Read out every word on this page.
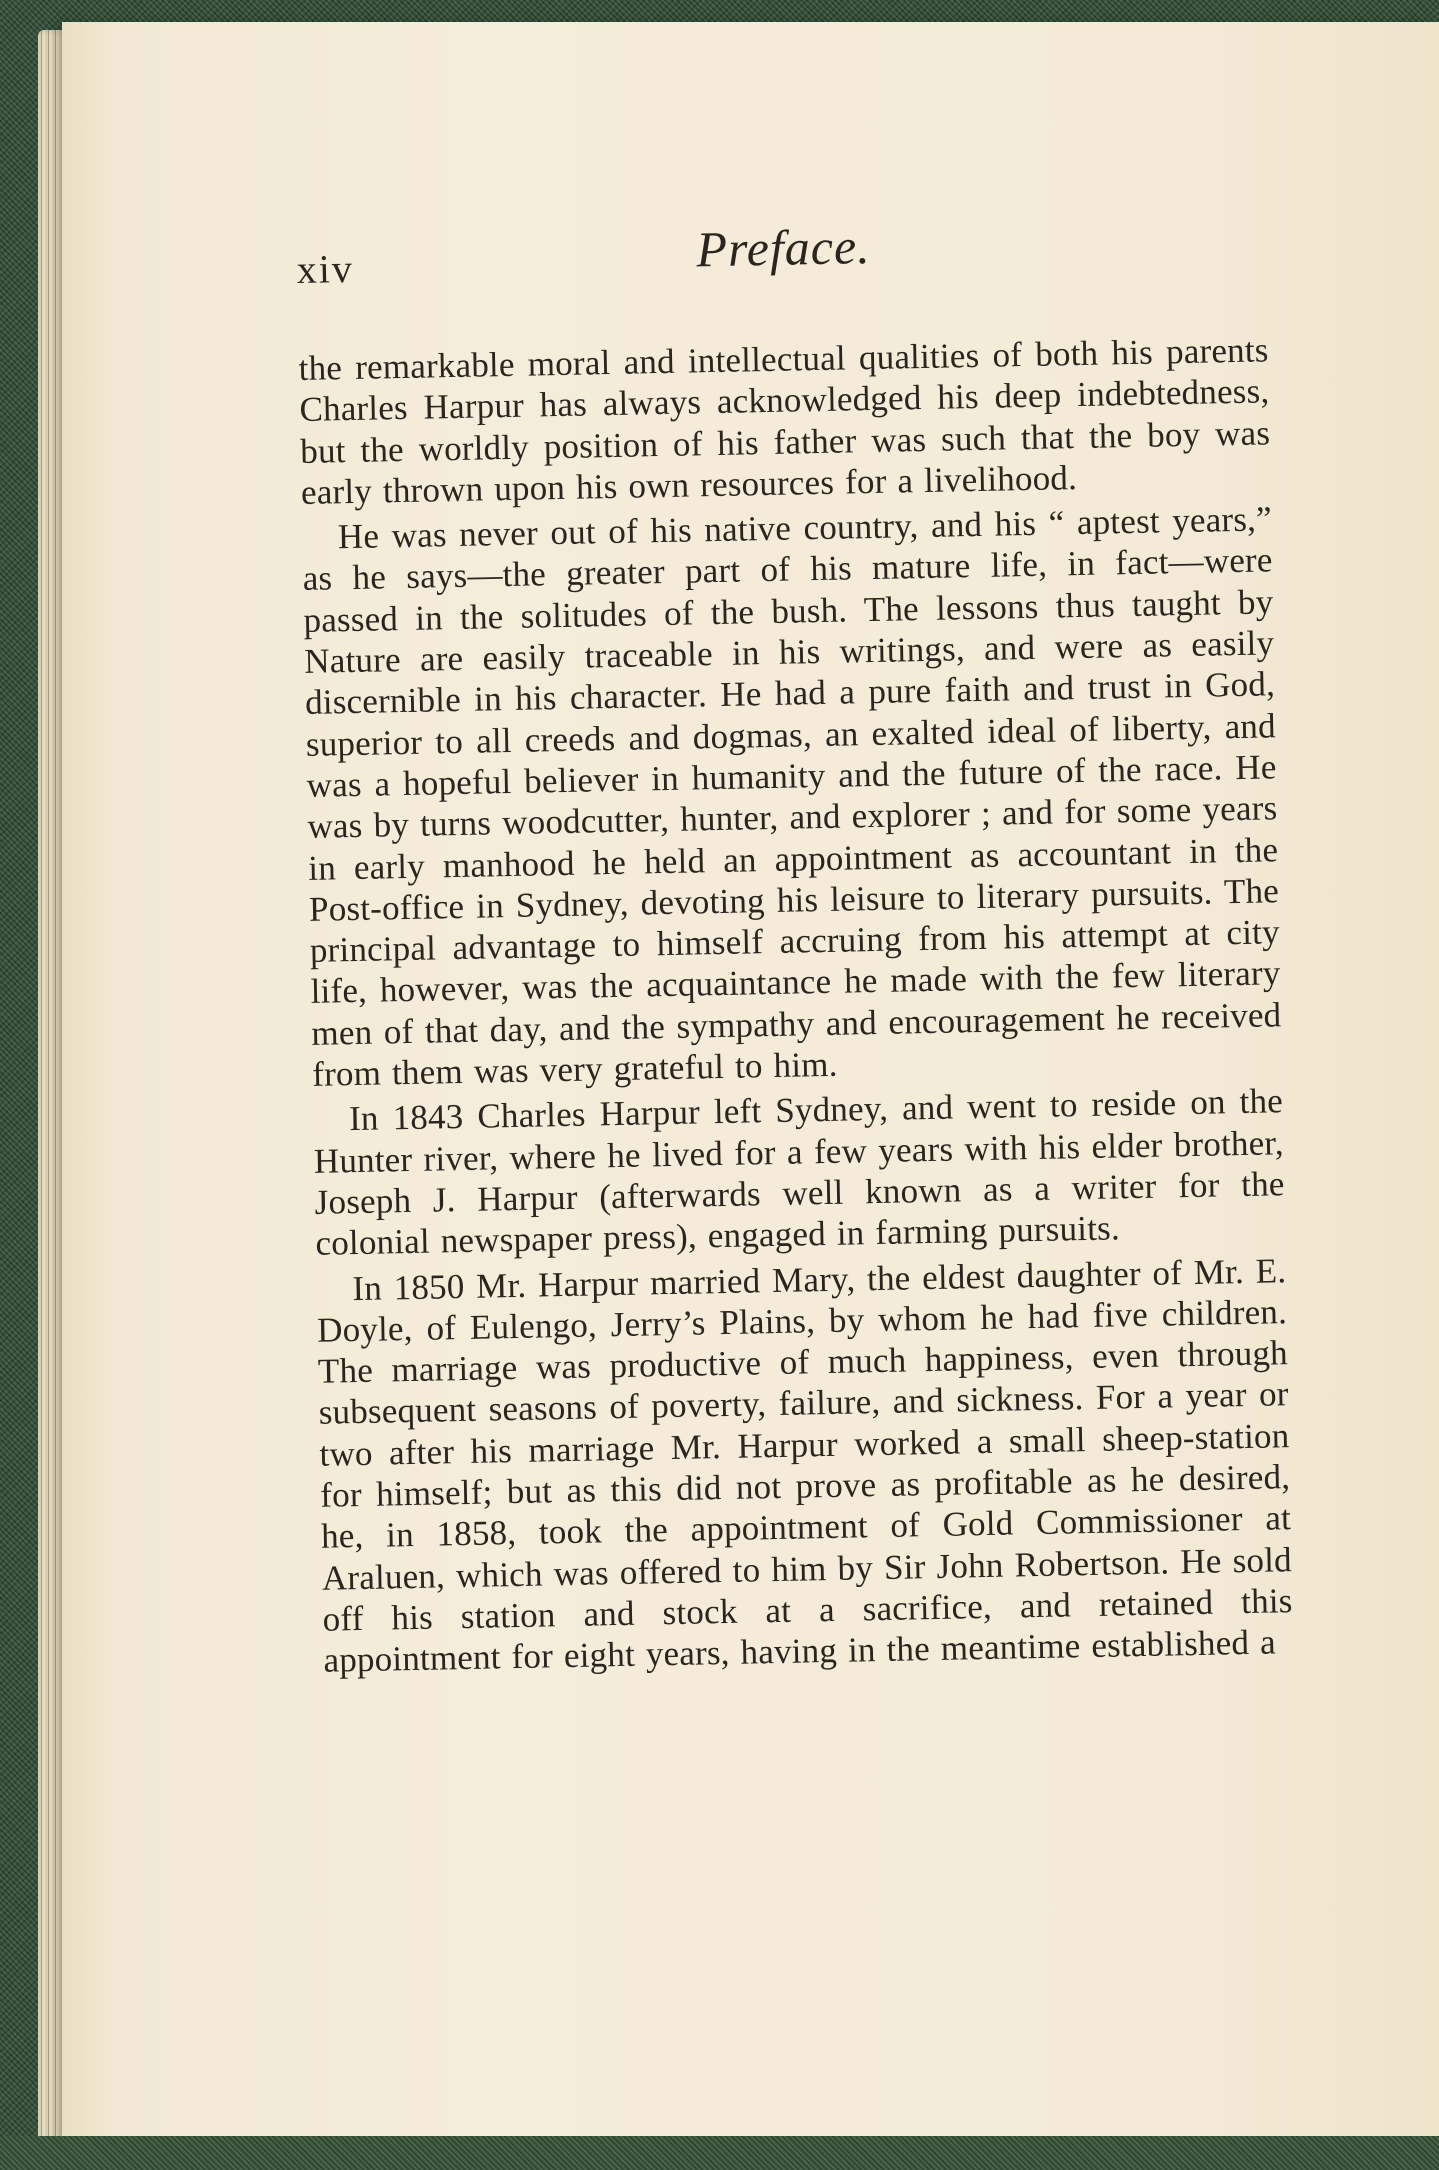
xiv	Preface.

the remarkable moral and intellectual qualities of both his parents Charles Harpur has always acknowledged his deep indebtedness, but the worldly position of his father was such that the boy was early thrown upon his own resources for a livelihood.

He was never out of his native country, and his “ aptest years,” as he says—the greater part of his mature life, in fact—were passed in the solitudes of the bush. The lessons thus taught by Nature are easily traceable in his writings, and were as easily discernible in his character. He had a pure faith and trust in God, superior to all creeds and dogmas, an exalted ideal of liberty, and was a hopeful believer in humanity and the future of the race. He was by turns woodcutter, hunter, and explorer ; and for some years in early manhood he held an appointment as accountant in the Post-office in Sydney, devoting his leisure to literary pursuits. The principal advantage to himself accruing from his attempt at city life, however, was the acquaintance he made with the few literary men of that day, and the sympathy and encouragement he received from them was very grateful to him.

In 1843 Charles Harpur left Sydney, and went to reside on the Hunter river, where he lived for a few years with his elder brother, Joseph J. Harpur (afterwards well known as a writer for the colonial newspaper press), engaged in farming pursuits.

In 1850 Mr. Harpur married Mary, the eldest daughter of Mr. E. Doyle, of Eulengo, Jerry’s Plains, by whom he had five children. The marriage was productive of much happiness, even through subsequent seasons of poverty, failure, and sickness. For a year or two after his marriage Mr. Harpur worked a small sheep-station for himself; but as this did not prove as profitable as he desired, he, in 1858, took the appointment of Gold Commissioner at Araluen, which was offered to him by Sir John Robertson. He sold off his station and stock at a sacrifice, and retained this appointment for eight years, having in the meantime established a
